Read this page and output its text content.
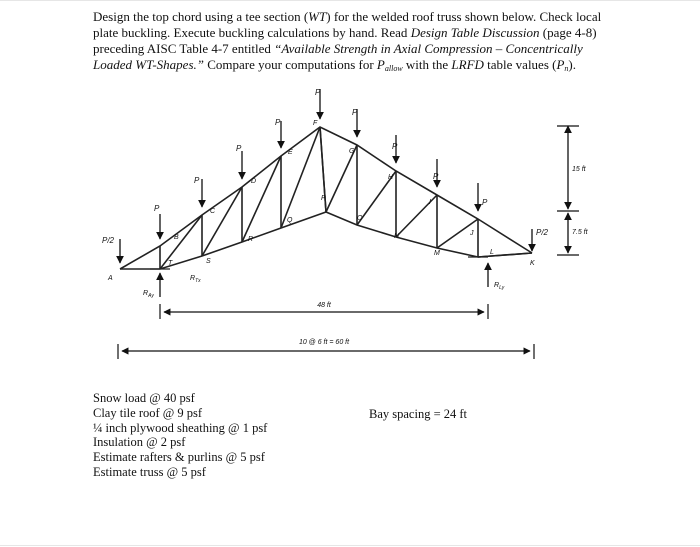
Design the top chord using a tee section (WT) for the welded roof truss shown below. Check local plate buckling. Execute buckling calculations by hand. Read Design Table Discussion (page 4-8) preceding AISC Table 4-7 entitled “Available Strength in Axial Compression – Concentrically Loaded WT-Shapes.” Compare your computations for $P_{allow}$ with the LRFD table values $(P_n)$.

P
P
P
P
P
P
P
P
P
P/2
P/2
A
B
C
D
E
F
G
H
I
J
K
L
M
N
O
P
Q
R
S
T
$R_{Ay}$
$R_{Tx}$
$R_{Ly}$
15 ft
7.5 ft
48 ft
10 @ 6 ft = 60 ft
Snow load @ 40 psf
Clay tile roof @ 9 psf
¼ inch plywood sheathing @ 1 psf
Insulation @ 2 psf
Estimate rafters & purlins @ 5 psf
Estimate truss @ 5 psf
Bay spacing = 24 ft
